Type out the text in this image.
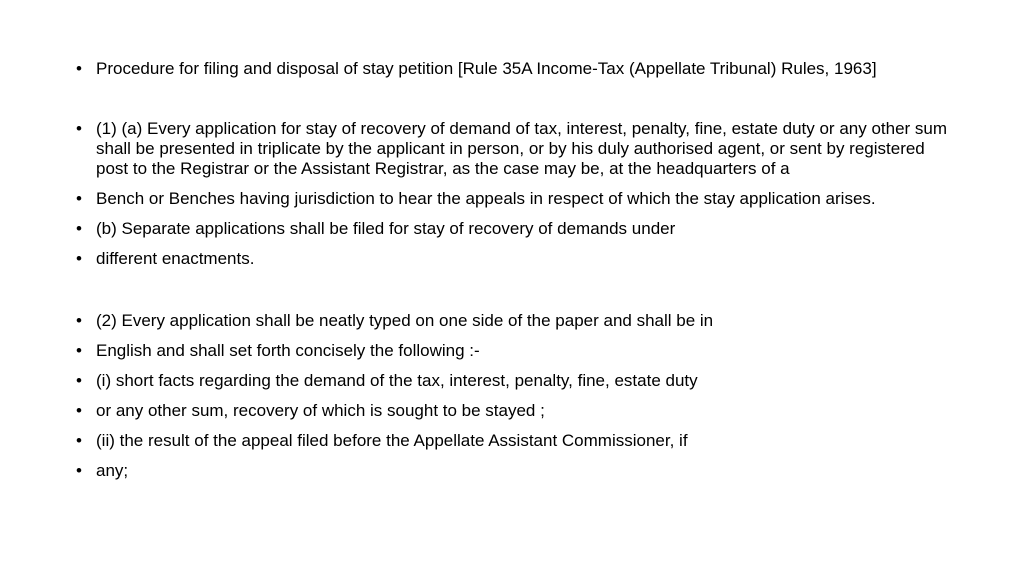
• Procedure for filing and disposal of stay petition [Rule 35A Income-Tax (Appellate Tribunal) Rules, 1963]
• (1) (a) Every application for stay of recovery of demand of tax, interest, penalty, fine, estate duty or any other sum shall be presented in triplicate by the applicant in person, or by his duly authorised agent, or sent by registered post to the Registrar or the Assistant Registrar, as the case may be, at the headquarters of a
• Bench or Benches having jurisdiction to hear the appeals in respect of which the stay application arises.
• (b) Separate applications shall be filed for stay of recovery of demands under
• different enactments.
• (2) Every application shall be neatly typed on one side of the paper and shall be in
• English and shall set forth concisely the following :-
• (i) short facts regarding the demand of the tax, interest, penalty, fine, estate duty
• or any other sum, recovery of which is sought to be stayed ;
• (ii) the result of the appeal filed before the Appellate Assistant Commissioner, if
• any;
